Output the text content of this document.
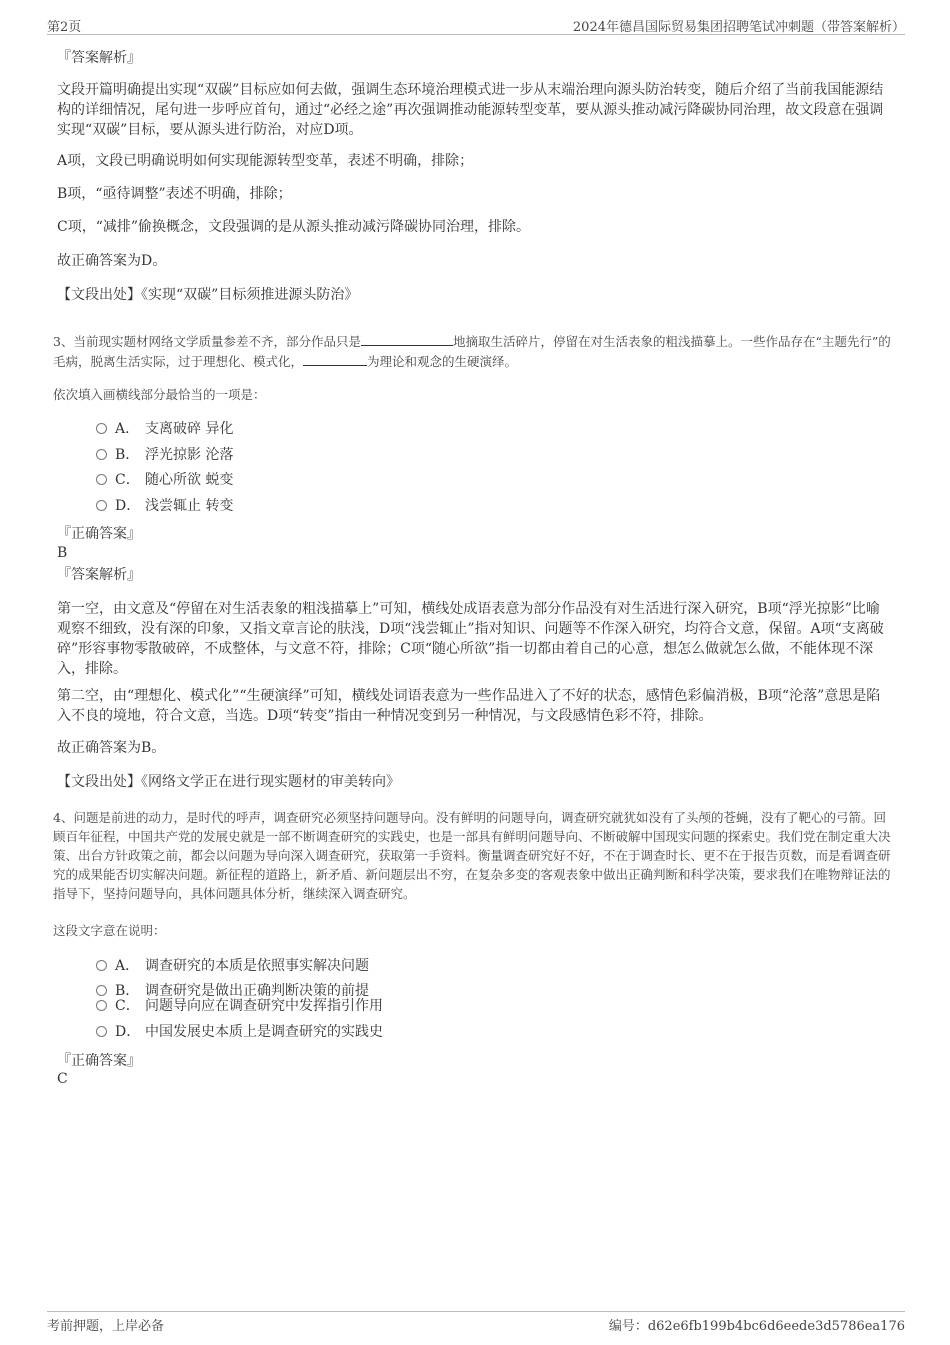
第2页	2024年德昌国际贸易集团招聘笔试冲刺题（带答案解析）
『答案解析』

文段开篇明确提出实现“双碳”目标应如何去做，强调生态环境治理模式进一步从末端治理向源头防治转变，随后介绍了当前我国能源结构的详细情况，尾句进一步呼应首句，通过“必经之途”再次强调推动能源转型变革，要从源头推动减污降碳协同治理，故文段意在强调实现“双碳”目标，要从源头进行防治，对应D项。

A项，文段已明确说明如何实现能源转型变革，表述不明确，排除；

B项，“亟待调整”表述不明确，排除；

C项，“减排”偷换概念，文段强调的是从源头推动减污降碳协同治理，排除。

故正确答案为D。

【文段出处】《实现“双碳”目标须推进源头防治》

3、当前现实题材网络文学质量参差不齐，部分作品只是	地摘取生活碎片，停留在对生活表象的粗浅描摹上。一些作品存在“主题先行”的毛病，脱离生活实际，过于理想化、模式化，	为理论和观念的生硬演绎。

依次填入画横线部分最恰当的一项是：

A． 支离破碎 异化
B． 浮光掠影 沦落
C． 随心所欲 蜕变
D． 浅尝辄止 转变
『正确答案』
B
『答案解析』

第一空，由文意及“停留在对生活表象的粗浅描摹上”可知，横线处成语表意为部分作品没有对生活进行深入研究，B项“浮光掠影”比喻观察不细致，没有深的印象，又指文章言论的肤浅，D项“浅尝辄止”指对知识、问题等不作深入研究，均符合文意，保留。A项“支离破碎”形容事物零散破碎，不成整体，与文意不符，排除；C项“随心所欲”指一切都由着自己的心意，想怎么做就怎么做，不能体现不深入，排除。

第二空，由“理想化、模式化”“生硬演绎”可知，横线处词语表意为一些作品进入了不好的状态，感情色彩偏消极，B项“沦落”意思是陷入不良的境地，符合文意，当选。D项“转变”指由一种情况变到另一种情况，与文段感情色彩不符，排除。

故正确答案为B。

【文段出处】《网络文学正在进行现实题材的审美转向》

4、问题是前进的动力，是时代的呼声，调查研究必须坚持问题导向。没有鲜明的问题导向，调查研究就犹如没有了头颅的苍蝇，没有了靶心的弓箭。回顾百年征程，中国共产党的发展史就是一部不断调查研究的实践史，也是一部具有鲜明问题导向、不断破解中国现实问题的探索史。我们党在制定重大决策、出台方针政策之前，都会以问题为导向深入调查研究，获取第一手资料。衡量调查研究好不好，不在于调查时长、更不在于报告页数，而是看调查研究的成果能否切实解决问题。新征程的道路上，新矛盾、新问题层出不穷，在复杂多变的客观表象中做出正确判断和科学决策，要求我们在唯物辩证法的指导下，坚持问题导向，具体问题具体分析，继续深入调查研究。

这段文字意在说明：

A． 调查研究的本质是依照事实解决问题
B． 调查研究是做出正确判断决策的前提
C． 问题导向应在调查研究中发挥指引作用
D． 中国发展史本质上是调查研究的实践史
『正确答案』
C
考前押题，上岸必备	编号：d62e6fb199b4bc6d6eede3d5786ea176
